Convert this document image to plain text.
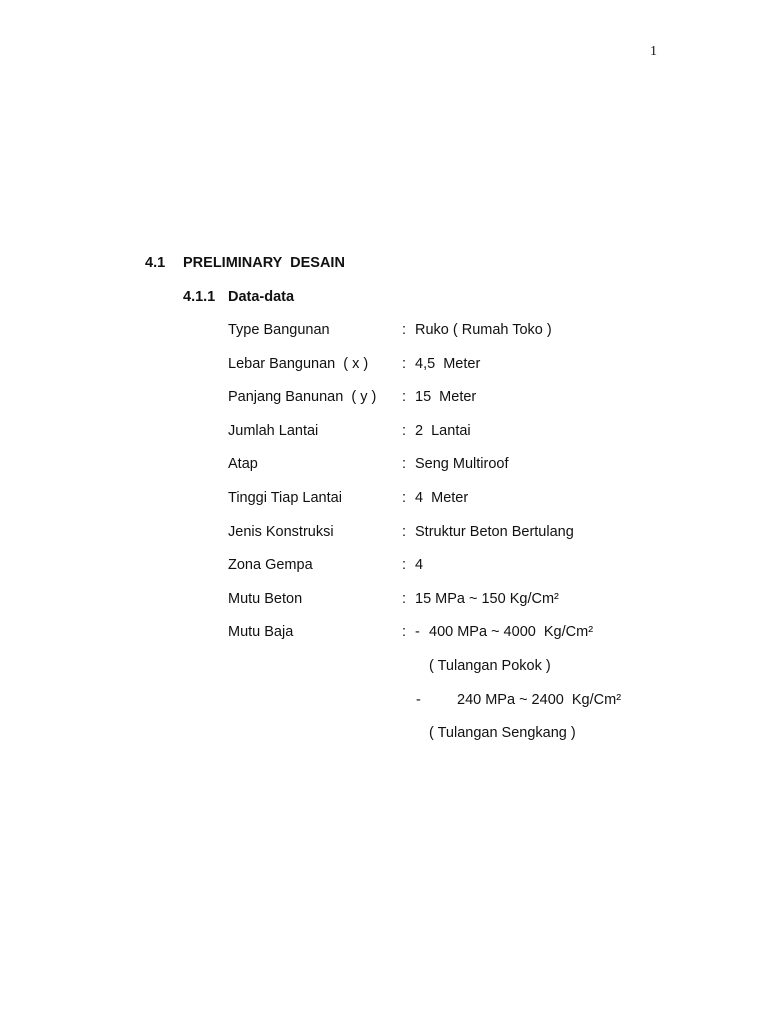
1
4.1 PRELIMINARY  DESAIN
4.1.1 Data-data
Type Bangunan	: Ruko ( Rumah Toko )
Lebar Bangunan  ( x ) : 4,5  Meter
Panjang Banunan  ( y ) : 15  Meter
Jumlah Lantai	: 2  Lantai
Atap	: Seng Multiroof
Tinggi Tiap Lantai	: 4  Meter
Jenis Konstruksi	: Struktur Beton Bertulang
Zona Gempa	: 4
Mutu Beton	: 15 MPa ~ 150 Kg/Cm²
Mutu Baja	: - 400 MPa ~ 4000  Kg/Cm²
( Tulangan Pokok )
- 240 MPa ~ 2400  Kg/Cm²
( Tulangan Sengkang )
